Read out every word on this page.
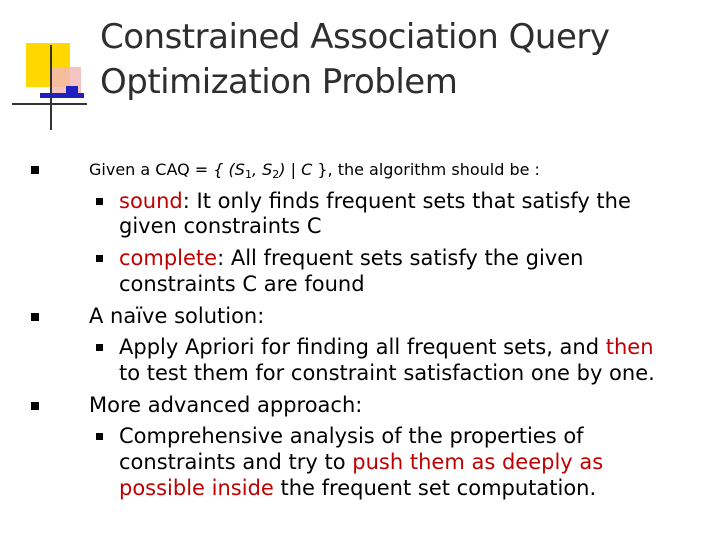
Constrained Association Query
Optimization Problem
Given a CAQ = { ($S_1$, $S_2$) | C }, the algorithm should be :
sound: It only finds frequent sets that satisfy the
given constraints C
complete: All frequent sets satisfy the given
constraints C are found
A naïve solution:
Apply Apriori for finding all frequent sets, and then
to test them for constraint satisfaction one by one.
More advanced approach:
Comprehensive analysis of the properties of
constraints and try to push them as deeply as
possible inside the frequent set computation.
